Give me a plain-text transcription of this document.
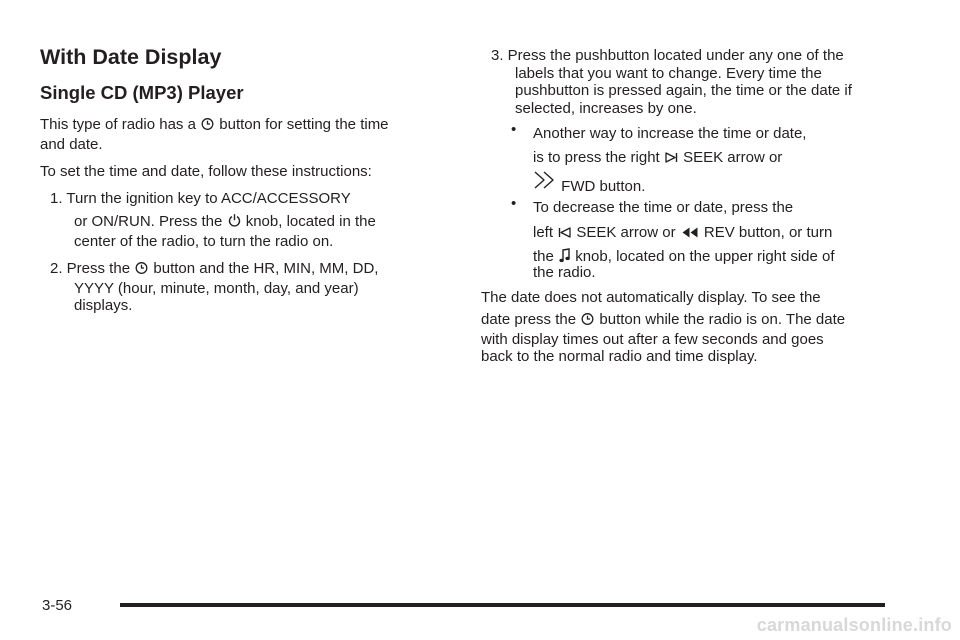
With Date Display
Single CD (MP3) Player

This type of radio has a button for setting the time

and date.

To set the time and date, follow these instructions:

1. Turn the ignition key to ACC/ACCESSORY

or ON/RUN. Press the knob, located in the

center of the radio, to turn the radio on.

2. Press the button and the HR, MIN, MM, DD,

YYYY (hour, minute, month, day, and year)

displays.

3. Press the pushbutton located under any one of the

labels that you want to change. Every time the

pushbutton is pressed again, the time or the date if

selected, increases by one.

• Another way to increase the time or date,

is to press the right SEEK arrow or

FWD button.

• To decrease the time or date, press the

left SEEK arrow or REV button, or turn

the knob, located on the upper right side of

the radio.

The date does not automatically display. To see the

date press the button while the radio is on. The date

with display times out after a few seconds and goes

back to the normal radio and time display.

3-56
carmanualsonline.info
